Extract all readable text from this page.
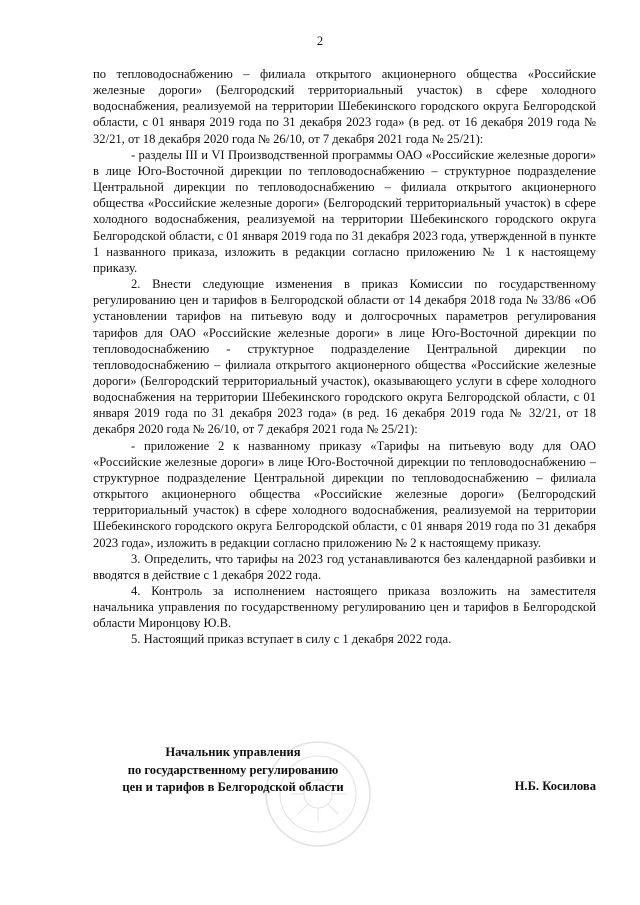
2

по тепловодоснабжению – филиала открытого акционерного общества «Российские железные дороги» (Белгородский территориальный участок) в сфере холодного водоснабжения, реализуемой на территории Шебекинского городского округа Белгородской области, с 01 января 2019 года по 31 декабря 2023 года» (в ред. от 16 декабря 2019 года № 32/21, от 18 декабря 2020 года № 26/10, от 7 декабря 2021 года № 25/21):

- разделы III и VI Производственной программы ОАО «Российские железные дороги» в лице Юго-Восточной дирекции по тепловодоснабжению – структурное подразделение Центральной дирекции по тепловодоснабжению – филиала открытого акционерного общества «Российские железные дороги» (Белгородский территориальный участок) в сфере холодного водоснабжения, реализуемой на территории Шебекинского городского округа Белгородской области, с 01 января 2019 года по 31 декабря 2023 года, утвержденной в пункте 1 названного приказа, изложить в редакции согласно приложению № 1 к настоящему приказу.

2. Внести следующие изменения в приказ Комиссии по государственному регулированию цен и тарифов в Белгородской области от 14 декабря 2018 года № 33/86 «Об установлении тарифов на питьевую воду и долгосрочных параметров регулирования тарифов для ОАО «Российские железные дороги» в лице Юго-Восточной дирекции по тепловодоснабжению - структурное подразделение Центральной дирекции по тепловодоснабжению – филиала открытого акционерного общества «Российские железные дороги» (Белгородский территориальный участок), оказывающего услуги в сфере холодного водоснабжения на территории Шебекинского городского округа Белгородской области, с 01 января 2019 года по 31 декабря 2023 года» (в ред. 16 декабря 2019 года № 32/21, от 18 декабря 2020 года № 26/10, от 7 декабря 2021 года № 25/21):

- приложение 2 к названному приказу «Тарифы на питьевую воду для ОАО «Российские железные дороги» в лице Юго-Восточной дирекции по тепловодоснабжению – структурное подразделение Центральной дирекции по тепловодоснабжению – филиала открытого акционерного общества «Российские железные дороги» (Белгородский территориальный участок) в сфере холодного водоснабжения, реализуемой на территории Шебекинского городского округа Белгородской области, с 01 января 2019 года по 31 декабря 2023 года», изложить в редакции согласно приложению № 2 к настоящему приказу.

3. Определить, что тарифы на 2023 год устанавливаются без календарной разбивки и вводятся в действие с 1 декабря 2022 года.

4. Контроль за исполнением настоящего приказа возложить на заместителя начальника управления по государственному регулированию цен и тарифов в Белгородской области Миронцову Ю.В.

5. Настоящий приказ вступает в силу с 1 декабря 2022 года.

Начальник управления
по государственному регулированию
цен и тарифов в Белгородской области	Н.Б. Косилова
